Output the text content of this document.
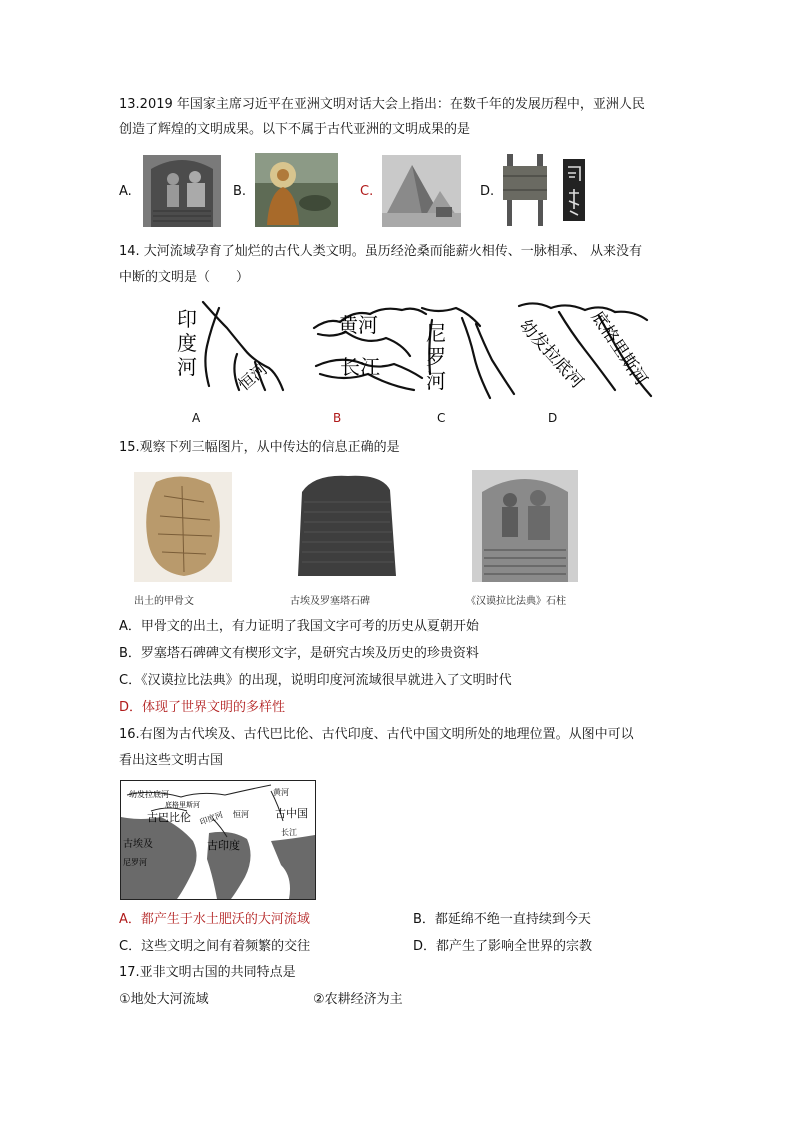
13.2019 年国家主席习近平在亚洲文明对话大会上指出：在数千年的发展历程中，亚洲人民
创造了辉煌的文明成果。以下不属于古代亚洲的文明成果的是
A.	B.	C.	D.
14. 大河流域孕育了灿烂的古代人类文明。虽历经沧桑而能薪火相传、一脉相承、 从来没有
中断的文明是（　　）
印
度
河 恒河
黄河
长江
尼
罗
河	幼发拉底河 底格里斯河
A	B	C	D
15.观察下列三幅图片，从中传达的信息正确的是
出土的甲骨文	古埃及罗塞塔石碑	《汉谟拉比法典》石柱
A．甲骨文的出土，有力证明了我国文字可考的历史从夏朝开始
B．罗塞塔石碑碑文有楔形文字，是研究古埃及历史的珍贵资料
C．《汉谟拉比法典》的出现，说明印度河流域很早就进入了文明时代
D．体现了世界文明的多样性
16.右图为古代埃及、古代巴比伦、古代印度、古代中国文明所处的地理位置。从图中可以
看出这些文明古国
幼发拉底河
底格里斯河
古巴比伦
古埃及
尼罗河
印度河 恒河
古印度
黄河
古中国
长江
A．都产生于水土肥沃的大河流域	B．都延绵不绝一直持续到今天
C．这些文明之间有着频繁的交往	D．都产生了影响全世界的宗教
17.亚非文明古国的共同特点是
①地处大河流域	②农耕经济为主
